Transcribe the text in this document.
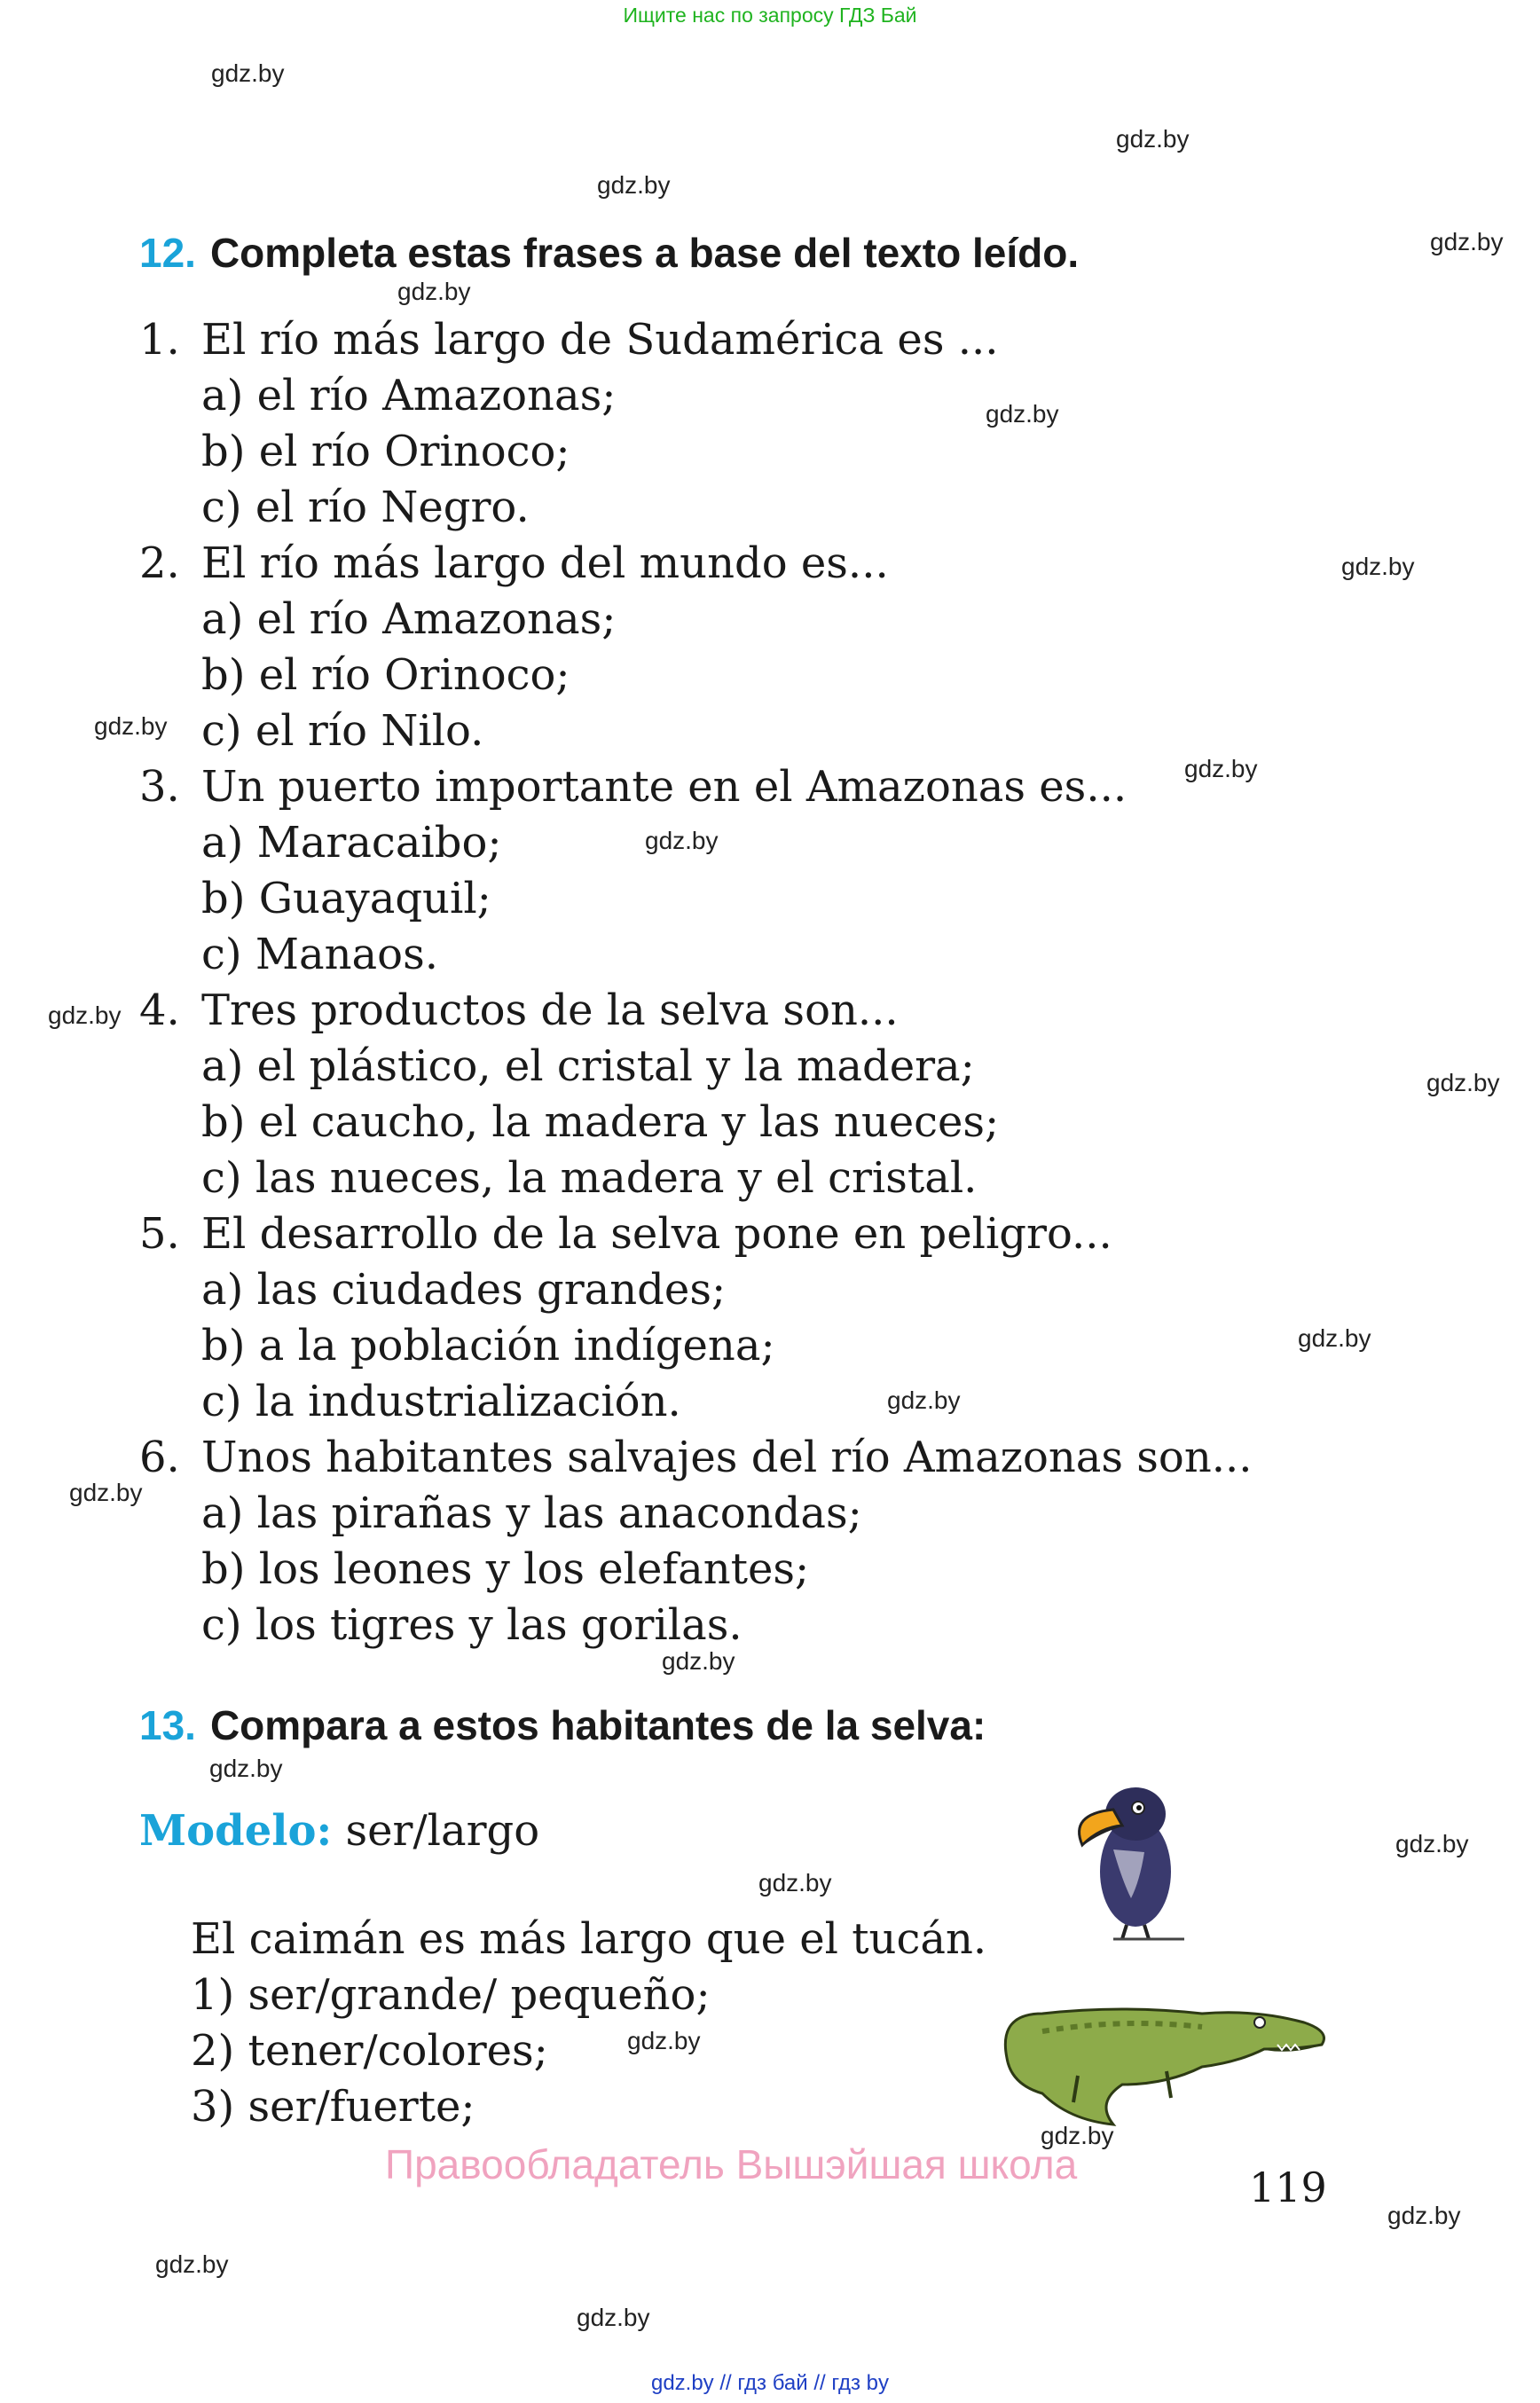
Ищите нас по запросу ГДЗ Бай
gdz.by
gdz.by
gdz.by
gdz.by
gdz.by
gdz.by
gdz.by
gdz.by
gdz.by
gdz.by
gdz.by
gdz.by
gdz.by
gdz.by
gdz.by
gdz.by
gdz.by
gdz.by
gdz.by
gdz.by
gdz.by
gdz.by
gdz.by
gdz.by
12. Completa estas frases a base del texto leído.
1. El río más largo de Sudamérica es ...
a) el río Amazonas;
b) el río Orinoco;
c) el río Negro.
2. El río más largo del mundo es...
a) el río Amazonas;
b) el río Orinoco;
c) el río Nilo.
3. Un puerto importante en el Amazonas es...
a) Maracaibo;
b) Guayaquil;
c) Manaos.
4. Tres productos de la selva son...
a) el plástico, el cristal y la madera;
b) el caucho, la madera y las nueces;
c) las nueces, la madera y el cristal.
5. El desarrollo de la selva pone en peligro...
a) las ciudades grandes;
b) a la población indígena;
c) la industrialización.
6. Unos habitantes salvajes del río Amazonas son...
a) las pirañas y las anacondas;
b) los leones y los elefantes;
c) los tigres y las gorilas.
13. Compara a estos habitantes de la selva:
Modelo: ser/largo
El caimán es más largo que el tucán.
1) ser/grande/ pequeño;
2) tener/colores;
3) ser/fuerte;
Правообладатель Вышэйшая школа	119
gdz.by // гдз бай // гдз by
